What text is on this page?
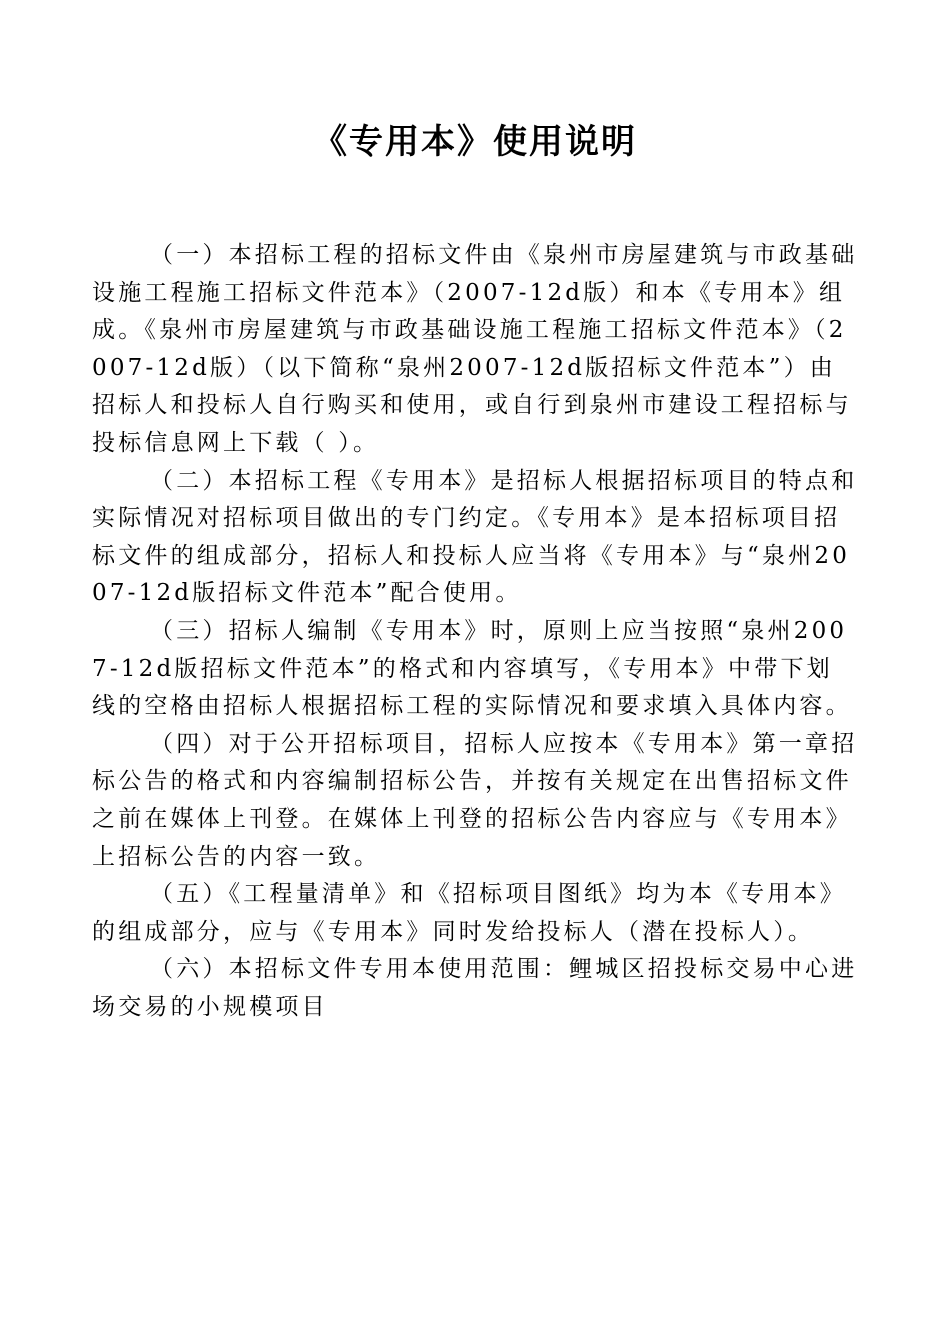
《专用本》使用说明

（一）本招标工程的招标文件由《泉州市房屋建筑与市政基础设施工程施工招标文件范本》（2007-12d版）和本《专用本》组成。《泉州市房屋建筑与市政基础设施工程施工招标文件范本》（2007-12d版）（以下简称“泉州2007-12d版招标文件范本”）由招标人和投标人自行购买和使用，或自行到泉州市建设工程招标与投标信息网上下载（ ）。

（二）本招标工程《专用本》是招标人根据招标项目的特点和实际情况对招标项目做出的专门约定。《专用本》是本招标项目招标文件的组成部分，招标人和投标人应当将《专用本》与“泉州2007-12d版招标文件范本”配合使用。

（三）招标人编制《专用本》时，原则上应当按照“泉州2007-12d版招标文件范本”的格式和内容填写，《专用本》中带下划线的空格由招标人根据招标工程的实际情况和要求填入具体内容。

（四）对于公开招标项目，招标人应按本《专用本》第一章招标公告的格式和内容编制招标公告，并按有关规定在出售招标文件之前在媒体上刊登。在媒体上刊登的招标公告内容应与《专用本》上招标公告的内容一致。

（五）《工程量清单》和《招标项目图纸》均为本《专用本》的组成部分，应与《专用本》同时发给投标人（潜在投标人）。

（六）本招标文件专用本使用范围：鲤城区招投标交易中心进场交易的小规模项目
